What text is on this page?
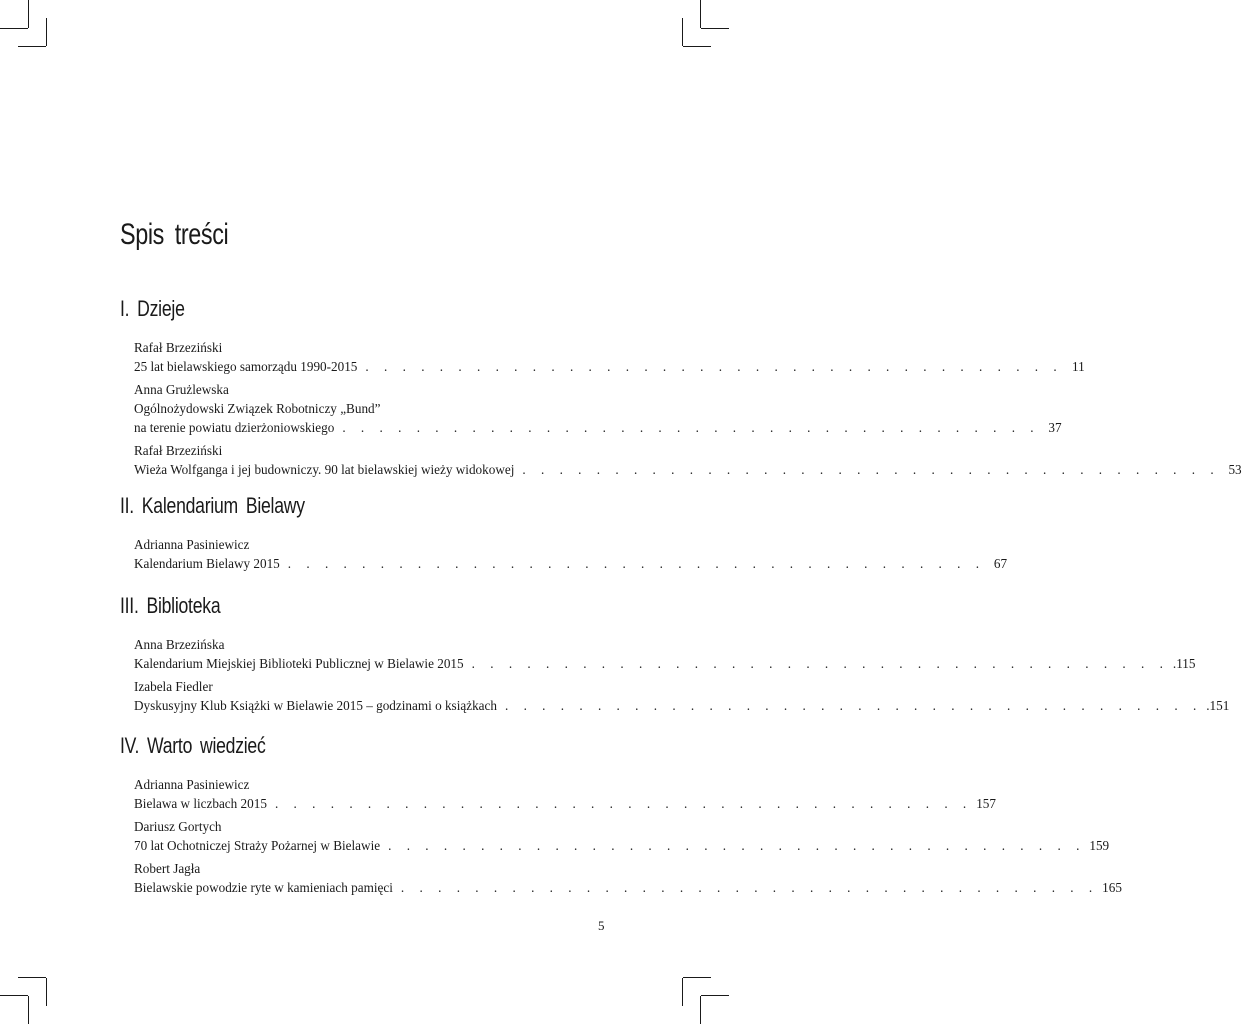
Spis treści
I. Dzieje
Rafał Brzeziński
25 lat bielawskiego samorządu 1990-2015 . . . . . . . . . . . . . . . . . . . . . . . . . . . . . . . . . . . . . . 11
Anna Grużlewska
Ogólnożydowski Związek Robotniczy „Bund”
na terenie powiatu dzierżoniowskiego . . . . . . . . . . . . . . . . . . . . . . . . . . . . . . . . . . . . . . 37
Rafał Brzeziński
Wieża Wolfganga i jej budowniczy. 90 lat bielawskiej wieży widokowej . . . . . . . . . . . . . . . . . . . . . . . . . . . . . . . . . . . . . . 53
II. Kalendarium Bielawy
Adrianna Pasiniewicz
Kalendarium Bielawy 2015 . . . . . . . . . . . . . . . . . . . . . . . . . . . . . . . . . . . . . . 67
III. Biblioteka
Anna Brzezińska
Kalendarium Miejskiej Biblioteki Publicznej w Bielawie 2015 . . . . . . . . . . . . . . . . . . . . . . . . . . . . . . . . . . . . . . .115
Izabela Fiedler
Dyskusyjny Klub Książki w Bielawie 2015 – godzinami o książkach . . . . . . . . . . . . . . . . . . . . . . . . . . . . . . . . . . . . . . .151
IV. Warto wiedzieć
Adrianna Pasiniewicz
Bielawa w liczbach 2015 . . . . . . . . . . . . . . . . . . . . . . . . . . . . . . . . . . . . . . 157
Dariusz Gortych
70 lat Ochotniczej Straży Pożarnej w Bielawie . . . . . . . . . . . . . . . . . . . . . . . . . . . . . . . . . . . . . . 159
Robert Jagła
Bielawskie powodzie ryte w kamieniach pamięci . . . . . . . . . . . . . . . . . . . . . . . . . . . . . . . . . . . . . . 165
5
